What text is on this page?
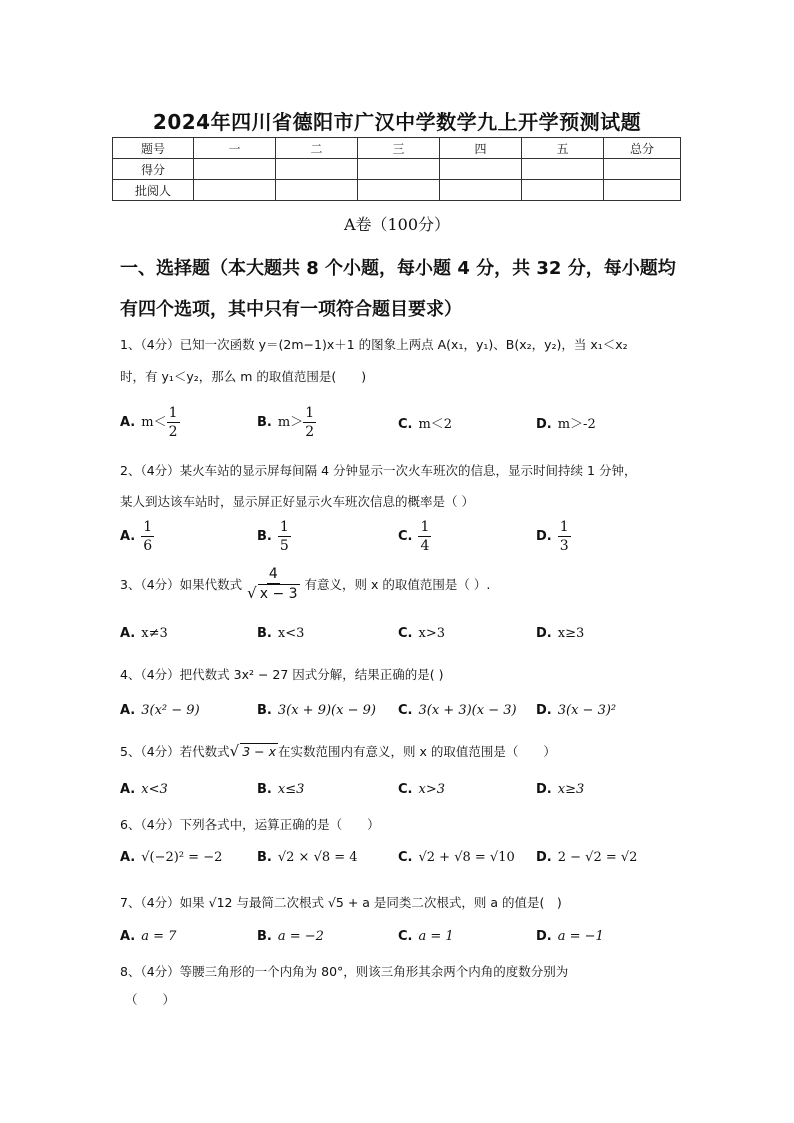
2024年四川省德阳市广汉中学数学九上开学预测试题
题号	一	二	三	四	五	总分
得分						
批阅人						
A卷（100分）
一、选择题（本大题共 8 个小题，每小题 4 分，共 32 分，每小题均
有四个选项，其中只有一项符合题目要求）
1、（4分）已知一次函数 y＝(2m−1)x＋1 的图象上两点 A(x₁，y₁)、B(x₂，y₂)，当 x₁＜x₂
时，有 y₁＜y₂，那么 m 的取值范围是(　　)
A. $m< \frac{1}{2}$	B. $m> \frac{1}{2}$	C. m＜2	D. m＞-2
2、（4分）某火车站的显示屏每间隔 4 分钟显示一次火车班次的信息，显示时间持续 1 分钟，
某人到达该车站时，显示屏正好显示火车班次信息的概率是（ ）
A. $\frac{1}{6}$	B. $\frac{1}{5}$	C. $\frac{1}{4}$	D. $\frac{1}{3}$
3、（4分）如果代数式 $\frac{4}{√ x - 3}$ 有意义，则 x 的取值范围是（ ）.
A. x≠3	B. x<3	C. x>3	D. x≥3
4、（4分）把代数式 3x² − 27 因式分解，结果正确的是( )
A. 3(x² − 9)	B. 3(x + 9)(x − 9) C. 3(x + 3)(x − 3) D. 3(x − 3)²
5、（4分）若代数式 √ 3 − x 在实数范围内有意义，则 x 的取值范围是（　　）
A. x<3	B. x≤3	C. x>3	D. x≥3
6、（4分）下列各式中，运算正确的是（　　）
A. √(−2)² = −2	B. √2 × √8 = 4	C. √2 + √8 = √10 D. 2 − √2 = √2
7、（4分）如果 √12 与最简二次根式 √5 + a 是同类二次根式，则 a 的值是(　)
A. a = 7	B. a = −2	C. a = 1	D. a = −1
8、（4分）等腰三角形的一个内角为 80°，则该三角形其余两个内角的度数分别为
（　　）
